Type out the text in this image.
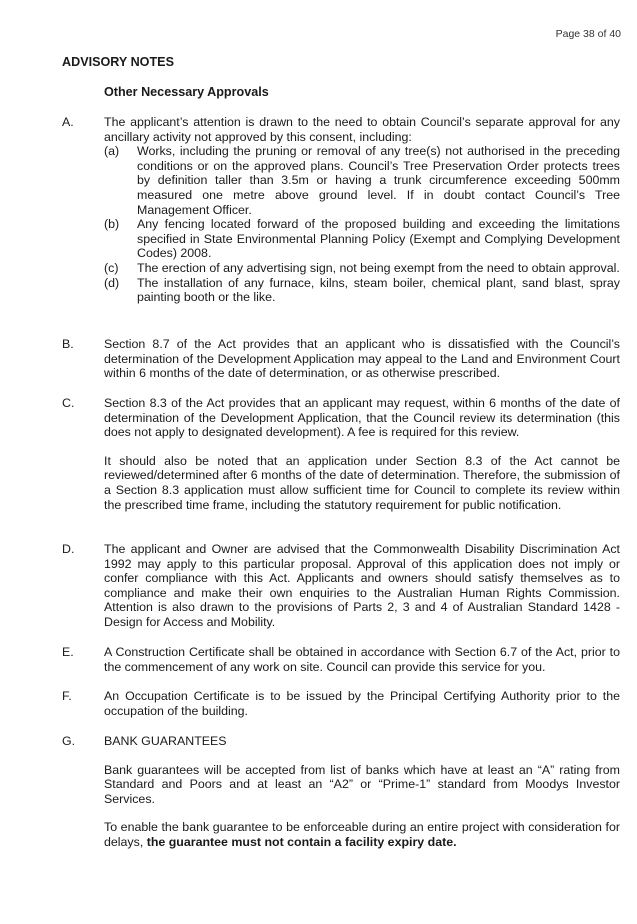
Page 38 of 40
ADVISORY NOTES
Other Necessary Approvals
A. The applicant’s attention is drawn to the need to obtain Council’s separate approval for any ancillary activity not approved by this consent, including:

(a) Works, including the pruning or removal of any tree(s) not authorised in the preceding conditions or on the approved plans. Council’s Tree Preservation Order protects trees by definition taller than 3.5m or having a trunk circumference exceeding 500mm measured one metre above ground level. If in doubt contact Council’s Tree Management Officer.
(b) Any fencing located forward of the proposed building and exceeding the limitations specified in State Environmental Planning Policy (Exempt and Complying Development Codes) 2008.
(c) The erection of any advertising sign, not being exempt from the need to obtain approval.
(d) The installation of any furnace, kilns, steam boiler, chemical plant, sand blast, spray painting booth or the like.
B. Section 8.7 of the Act provides that an applicant who is dissatisfied with the Council’s determination of the Development Application may appeal to the Land and Environment Court within 6 months of the date of determination, or as otherwise prescribed.

C. Section 8.3 of the Act provides that an applicant may request, within 6 months of the date of determination of the Development Application, that the Council review its determination (this does not apply to designated development). A fee is required for this review.

It should also be noted that an application under Section 8.3 of the Act cannot be reviewed/determined after 6 months of the date of determination. Therefore, the submission of a Section 8.3 application must allow sufficient time for Council to complete its review within the prescribed time frame, including the statutory requirement for public notification.

D. The applicant and Owner are advised that the Commonwealth Disability Discrimination Act 1992 may apply to this particular proposal. Approval of this application does not imply or confer compliance with this Act. Applicants and owners should satisfy themselves as to compliance and make their own enquiries to the Australian Human Rights Commission. Attention is also drawn to the provisions of Parts 2, 3 and 4 of Australian Standard 1428 - Design for Access and Mobility.

E. A Construction Certificate shall be obtained in accordance with Section 6.7 of the Act, prior to the commencement of any work on site. Council can provide this service for you.

F.	An Occupation Certificate is to be issued by the Principal Certifying Authority prior to the occupation of the building.

G. BANK GUARANTEES

Bank guarantees will be accepted from list of banks which have at least an “A” rating from Standard and Poors and at least an “A2” or “Prime-1” standard from Moodys Investor Services.

To enable the bank guarantee to be enforceable during an entire project with consideration for delays, the guarantee must not contain a facility expiry date.
